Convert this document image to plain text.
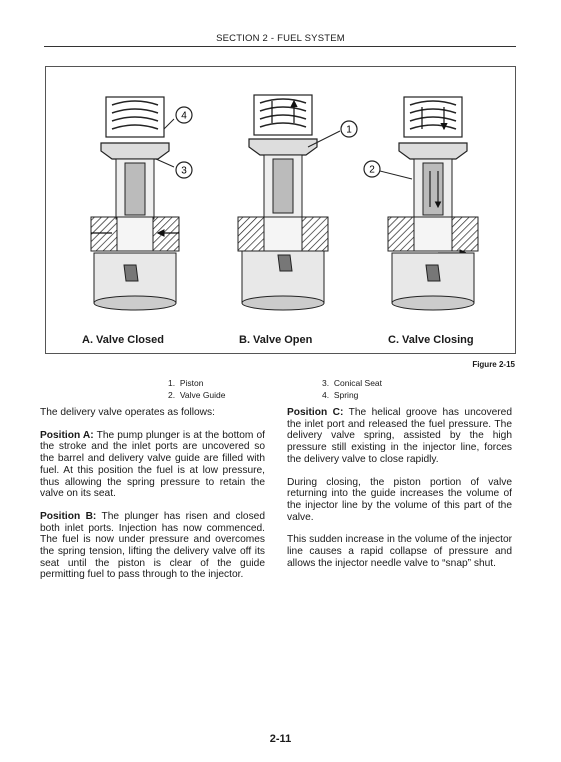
SECTION 2 - FUEL SYSTEM
4
3
1
2
A. Valve Closed	B. Valve Open	C. Valve Closing
Figure 2-15
1. Piston
2. Valve Guide
3. Conical Seat
4. Spring

The delivery valve operates as follows:

Position A: The pump plunger is at the bottom of the stroke and the inlet ports are uncovered so the barrel and delivery valve guide are filled with fuel. At this position the fuel is at low pressure, thus allowing the spring pressure to retain the valve on its seat.

Position B: The plunger has risen and closed both inlet ports. Injection has now commenced. The fuel is now under pressure and overcomes the spring tension, lifting the delivery valve off its seat until the piston is clear of the guide permitting fuel to pass through to the injector.

Position C: The helical groove has uncovered the inlet port and released the fuel pressure. The delivery valve spring, assisted by the high pressure still existing in the injector line, forces the delivery valve to close rapidly.

During closing, the piston portion of valve returning into the guide increases the volume of the injector line by the volume of this part of the valve.

This sudden increase in the volume of the injector line causes a rapid collapse of pressure and allows the injector needle valve to “snap” shut.

2-11
